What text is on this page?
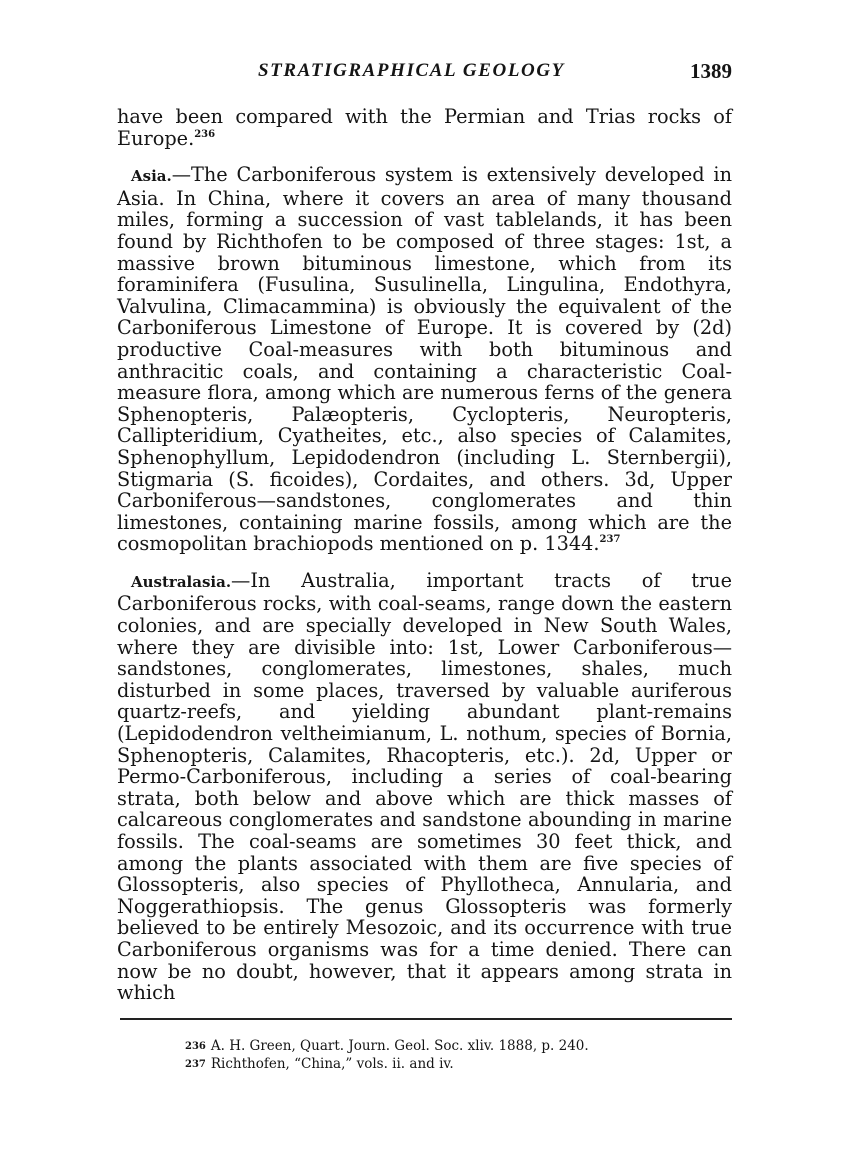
STRATIGRAPHICAL GEOLOGY	1389

have been compared with the Permian and Trias rocks of Europe.$^{236}$

Asia.—The Carboniferous system is extensively developed in Asia. In China, where it covers an area of many thousand miles, forming a succession of vast tablelands, it has been found by Richthofen to be composed of three stages: 1st, a massive brown bituminous limestone, which from its foraminifera (Fusulina, Susulinella, Lingulina, Endothyra, Valvulina, Climacammina) is obviously the equivalent of the Carboniferous Limestone of Europe. It is covered by (2d) productive Coal-measures with both bituminous and anthracitic coals, and containing a characteristic Coal-measure flora, among which are numerous ferns of the genera Sphenopteris, Palæopteris, Cyclopteris, Neuropteris, Callipteridium, Cyatheites, etc., also species of Calamites, Sphenophyllum, Lepidodendron (including L. Sternbergii), Stigmaria (S. ficoides), Cordaites, and others. 3d, Upper Carboniferous—sandstones, conglomerates and thin limestones, containing marine fossils, among which are the cosmopolitan brachiopods mentioned on p. 1344.$^{237}$

Australasia.—In Australia, important tracts of true Carboniferous rocks, with coal-seams, range down the eastern colonies, and are specially developed in New South Wales, where they are divisible into: 1st, Lower Carboniferous—sandstones, conglomerates, limestones, shales, much disturbed in some places, traversed by valuable auriferous quartz-reefs, and yielding abundant plant-remains (Lepidodendron veltheimianum, L. nothum, species of Bornia, Sphenopteris, Calamites, Rhacopteris, etc.). 2d, Upper or Permo-Carboniferous, including a series of coal-bearing strata, both below and above which are thick masses of calcareous conglomerates and sandstone abounding in marine fossils. The coal-seams are sometimes 30 feet thick, and among the plants associated with them are five species of Glossopteris, also species of Phyllotheca, Annularia, and Noggerathiopsis. The genus Glossopteris was formerly believed to be entirely Mesozoic, and its occurrence with true Carboniferous organisms was for a time denied. There can now be no doubt, however, that it appears among strata in which

236 A. H. Green, Quart. Journ. Geol. Soc. xliv. 1888, p. 240.
237 Richthofen, “China,” vols. ii. and iv.
